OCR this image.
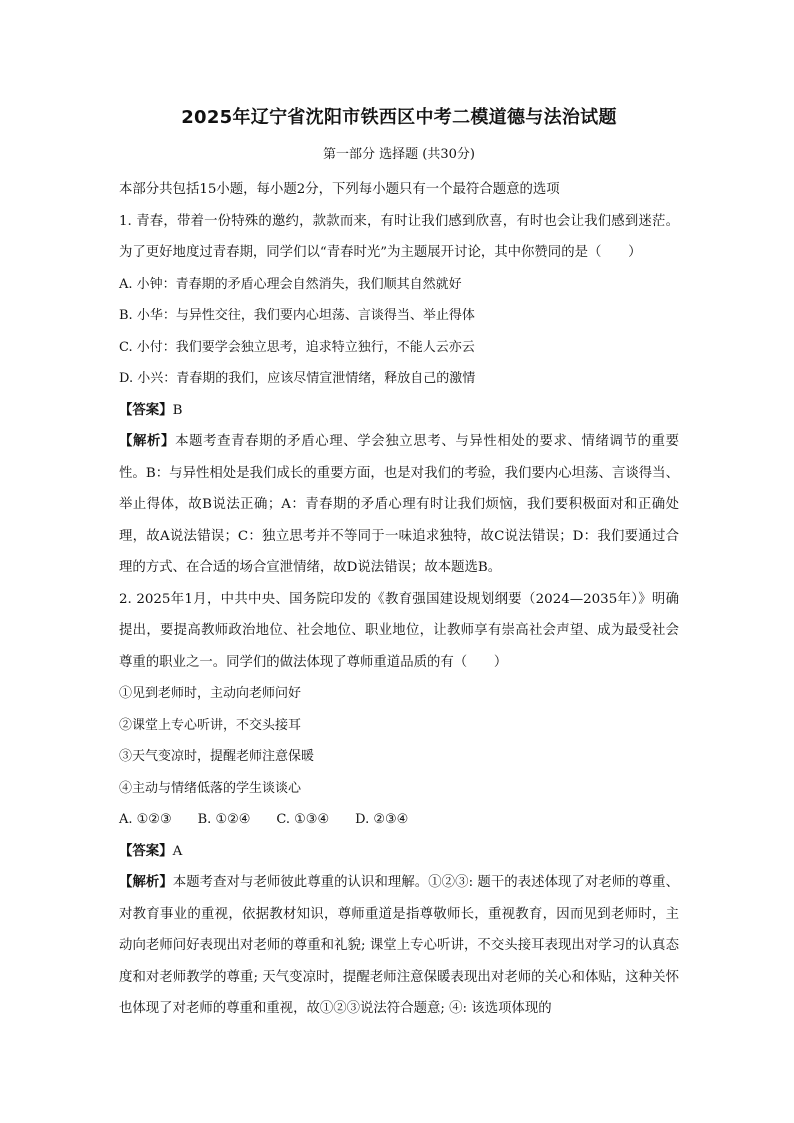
2025年辽宁省沈阳市铁西区中考二模道德与法治试题
第一部分 选择题 (共30分)

本部分共包括15小题，每小题2分，下列每小题只有一个最符合题意的选项

1. 青春，带着一份特殊的邀约，款款而来，有时让我们感到欣喜，有时也会让我们感到迷茫。为了更好地度过青春期，同学们以“青春时光”为主题展开讨论，其中你赞同的是（　　）

A. 小钟：青春期的矛盾心理会自然消失，我们顺其自然就好

B. 小华：与异性交往，我们要内心坦荡、言谈得当、举止得体

C. 小付：我们要学会独立思考，追求特立独行，不能人云亦云

D. 小兴：青春期的我们，应该尽情宣泄情绪，释放自己的激情

【答案】B

【解析】本题考查青春期的矛盾心理、学会独立思考、与异性相处的要求、情绪调节的重要性。B：与异性相处是我们成长的重要方面，也是对我们的考验，我们要内心坦荡、言谈得当、举止得体，故B说法正确；A：青春期的矛盾心理有时让我们烦恼，我们要积极面对和正确处理，故A说法错误；C：独立思考并不等同于一味追求独特，故C说法错误；D：我们要通过合理的方式、在合适的场合宣泄情绪，故D说法错误；故本题选B。

2. 2025年1月，中共中央、国务院印发的《教育强国建设规划纲要（2024—2035年）》明确提出，要提高教师政治地位、社会地位、职业地位，让教师享有崇高社会声望、成为最受社会尊重的职业之一。同学们的做法体现了尊师重道品质的有（　　）

①见到老师时，主动向老师问好

②课堂上专心听讲，不交头接耳

③天气变凉时，提醒老师注意保暖

④主动与情绪低落的学生谈谈心

A. ①②③ B. ①②④ C. ①③④ D. ②③④

【答案】A

【解析】本题考查对与老师彼此尊重的认识和理解。①②③: 题干的表述体现了对老师的尊重、对教育事业的重视，依据教材知识，尊师重道是指尊敬师长，重视教育，因而见到老师时，主动向老师问好表现出对老师的尊重和礼貌; 课堂上专心听讲，不交头接耳表现出对学习的认真态度和对老师教学的尊重; 天气变凉时，提醒老师注意保暖表现出对老师的关心和体贴，这种关怀也体现了对老师的尊重和重视，故①②③说法符合题意; ④: 该选项体现的
